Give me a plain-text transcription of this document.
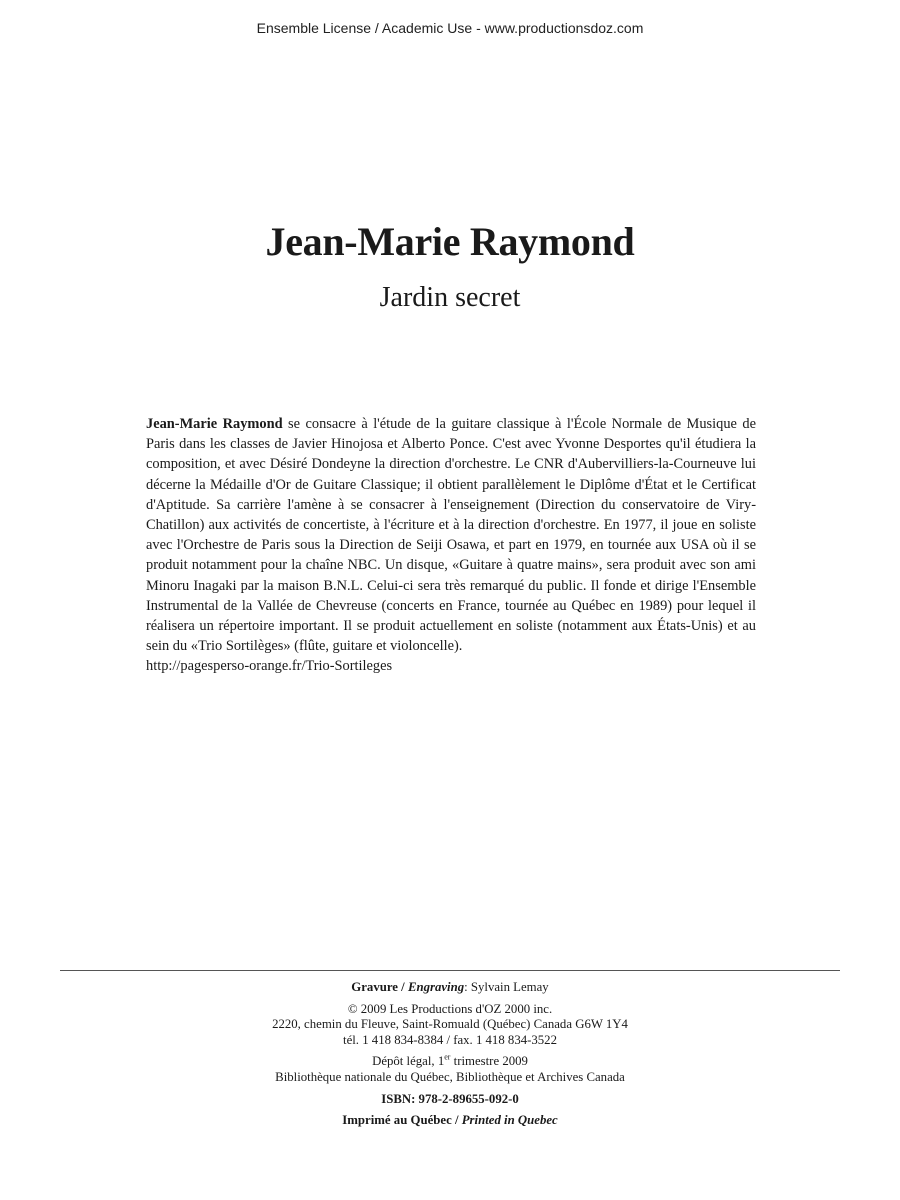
Ensemble License / Academic Use - www.productionsdoz.com
Jean-Marie Raymond
Jardin secret
Jean-Marie Raymond se consacre à l'étude de la guitare classique à l'École Normale de Musique de Paris dans les classes de Javier Hinojosa et Alberto Ponce. C'est avec Yvonne Desportes qu'il étudiera la composition, et avec Désiré Dondeyne la direction d'orchestre. Le CNR d'Aubervilliers-la-Courneuve lui décerne la Médaille d'Or de Guitare Classique; il obtient parallèlement le Diplôme d'État et le Certificat d'Aptitude. Sa carrière l'amène à se consacrer à l'enseignement (Direction du conservatoire de Viry-Chatillon) aux activités de concertiste, à l'écriture et à la direction d'orchestre. En 1977, il joue en soliste avec l'Orchestre de Paris sous la Direction de Seiji Osawa, et part en 1979, en tournée aux USA où il se produit notamment pour la chaîne NBC. Un disque, «Guitare à quatre mains», sera produit avec son ami Minoru Inagaki par la maison B.N.L. Celui-ci sera très remarqué du public. Il fonde et dirige l'Ensemble Instrumental de la Vallée de Chevreuse (concerts en France, tournée au Québec en 1989) pour lequel il réalisera un répertoire important. Il se produit actuellement en soliste (notamment aux États-Unis) et au sein du «Trio Sortilèges» (flûte, guitare et violoncelle).
http://pagesperso-orange.fr/Trio-Sortileges
Gravure / Engraving: Sylvain Lemay
© 2009 Les Productions d'OZ 2000 inc.
2220, chemin du Fleuve, Saint-Romuald (Québec) Canada G6W 1Y4
tél. 1 418 834-8384 / fax. 1 418 834-3522
Dépôt légal, 1er trimestre 2009
Bibliothèque nationale du Québec, Bibliothèque et Archives Canada
ISBN: 978-2-89655-092-0
Imprimé au Québec / Printed in Quebec
